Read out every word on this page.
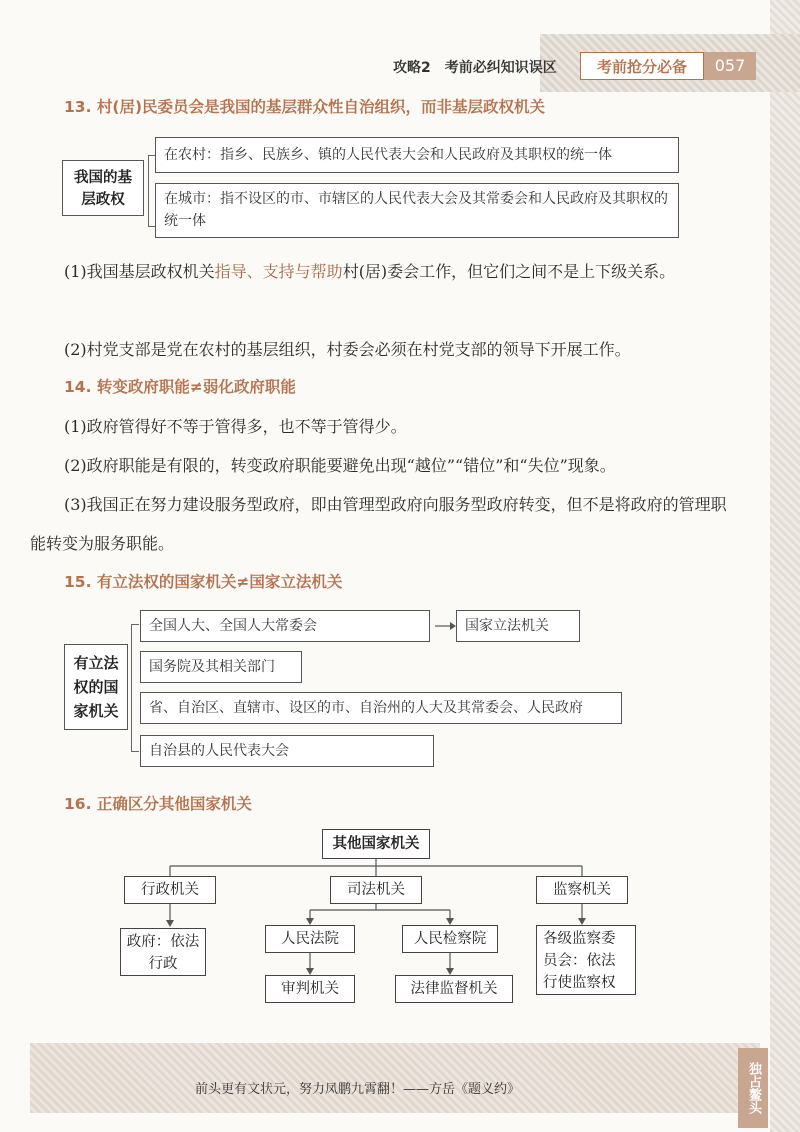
攻略2　考前必纠知识误区	考前抢分必备	057
13. 村(居)民委员会是我国的基层群众性自治组织，而非基层政权机关
我国的基层政权
在农村：指乡、民族乡、镇的人民代表大会和人民政府及其职权的统一体
在城市：指不设区的市、市辖区的人民代表大会及其常委会和人民政府及其职权的统一体
(1)我国基层政权机关指导、支持与帮助村(居)委会工作，但它们之间不是上下级关系。
(2)村党支部是党在农村的基层组织，村委会必须在村党支部的领导下开展工作。
14. 转变政府职能≠弱化政府职能
(1)政府管得好不等于管得多，也不等于管得少。
(2)政府职能是有限的，转变政府职能要避免出现“越位”“错位”和“失位”现象。
(3)我国正在努力建设服务型政府，即由管理型政府向服务型政府转变，但不是将政府的管理职能转变为服务职能。
15. 有立法权的国家机关≠国家立法机关
有立法权的国家机关
全国人大、全国人大常委会
国务院及其相关部门
省、自治区、直辖市、设区的市、自治州的人大及其常委会、人民政府
自治县的人民代表大会
国家立法机关
16. 正确区分其他国家机关
其他国家机关
行政机关	司法机关	监察机关
政府：依法行政
人民法院	人民检察院	各级监察委员会：依法行使监察权
审判机关	法律监督机关
前头更有文状元，努力凤鹏九霄翻！——方岳《题义约》	独占鳌头
